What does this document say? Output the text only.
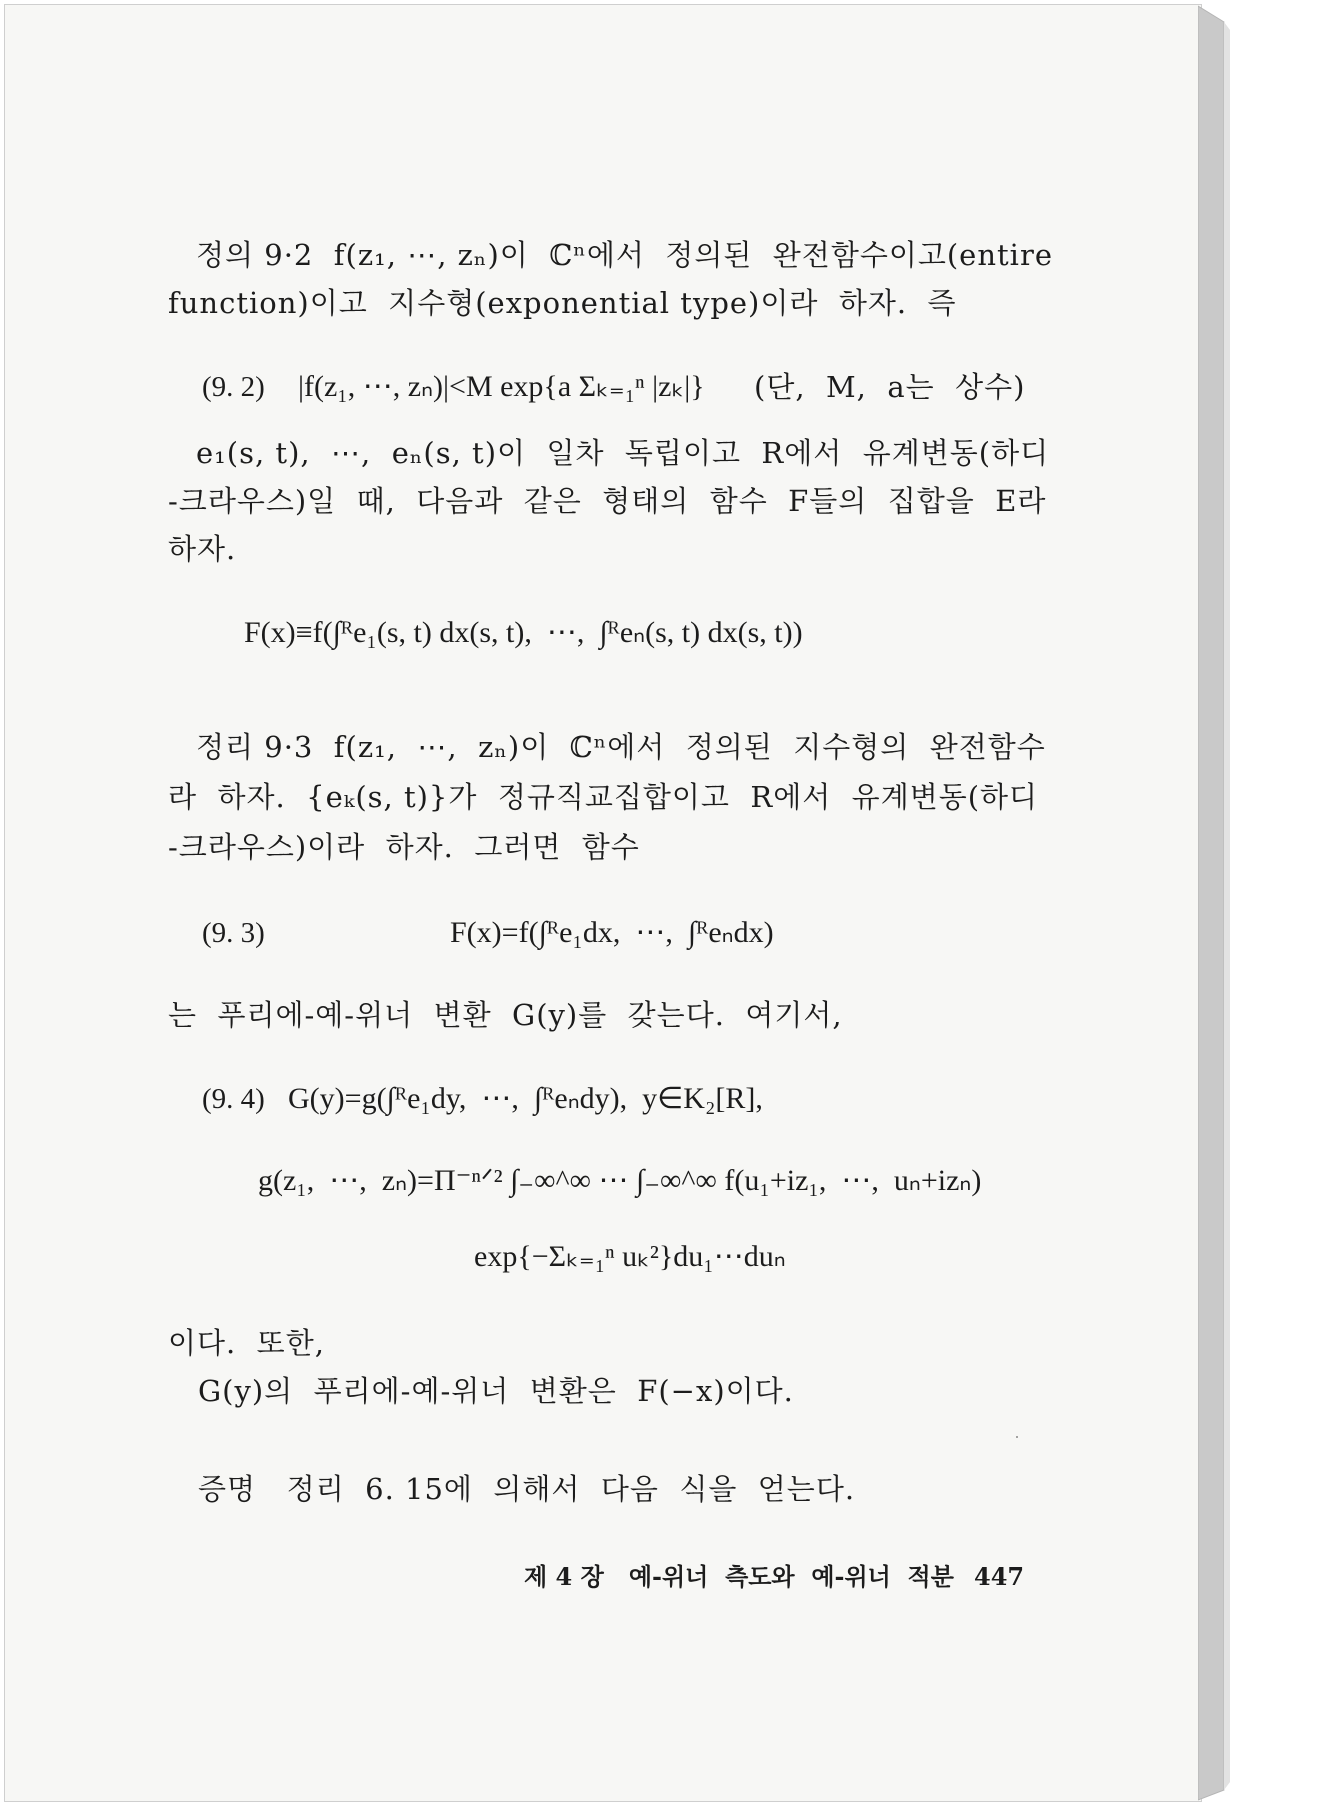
정의 9·2  f(z₁, ⋯, zₙ)이  ℂⁿ에서  정의된  완전함수이고(entire
function)이고  지수형(exponential type)이라  하자.  즉
(9. 2) |f(z₁, ⋯, zₙ)|<M exp{a Σₖ₌₁ⁿ |zₖ|} (단,  M,  a는  상수)
e₁(s, t),  ⋯,  eₙ(s, t)이  일차  독립이고  R에서  유계변동(하디
-크라우스)일  때,  다음과  같은  형태의  함수  F들의  집합을  E라
하자.
F(x)≡f(∫ᴿe₁(s, t) dx(s, t),  ⋯,  ∫ᴿeₙ(s, t) dx(s, t))
정리 9·3  f(z₁,  ⋯,  zₙ)이  ℂⁿ에서  정의된  지수형의  완전함수
라  하자.  {eₖ(s, t)}가  정규직교집합이고  R에서  유계변동(하디
-크라우스)이라  하자.  그러면  함수
(9. 3)	F(x)=f(∫ᴿe₁dx,  ⋯,  ∫ᴿeₙdx)
는  푸리에-예-위너  변환  G(y)를  갖는다.  여기서,
(9. 4) G(y)=g(∫ᴿe₁dy,  ⋯,  ∫ᴿeₙdy),  y∈K₂[R],
g(z₁,  ⋯,  zₙ)=Π⁻ⁿᐟ² ∫₋∞^∞ ⋯ ∫₋∞^∞ f(u₁+iz₁,  ⋯,  uₙ+izₙ)
exp{−Σₖ₌₁ⁿ uₖ²}du₁⋯duₙ
이다.  또한,
G(y)의  푸리에-예-위너  변환은  F(−x)이다.
증명   정리  6. 15에  의해서  다음  식을  얻는다.
제 4 장   예-위너  측도와  예-위너  적분 447
